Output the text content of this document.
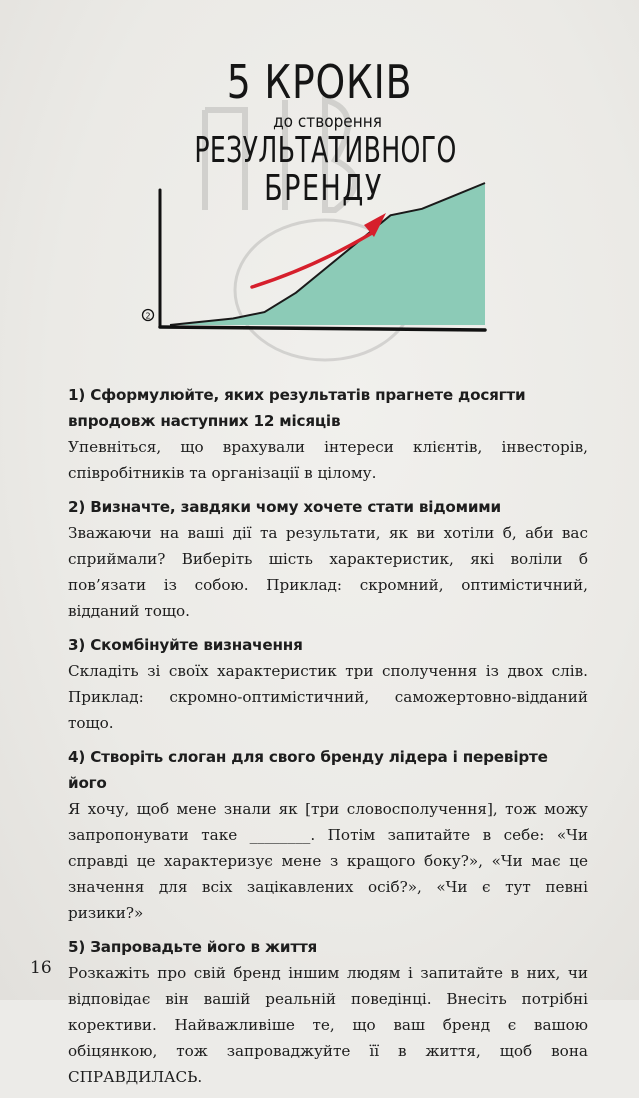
5 КРОКІВ
до створення
РЕЗУЛЬТАТИВНОГО
БРЕНДУ
2
1) Сформулюйте, яких результатів прагнете досягти впродовж наступних 12 місяців
Упевніться, що врахували інтереси клієнтів, інвесторів, співробітників та організації в цілому.
2) Визначте, завдяки чому хочете стати відомими
Зважаючи на ваші дії та результати, як ви хотіли б, аби вас сприймали? Виберіть шість характеристик, які воліли б пов’язати із собою. Приклад: скромний, оптимістичний, відданий тощо.
3) Скомбінуйте визначення
Складіть зі своїх характеристик три сполучення із двох слів. Приклад: скромно-оптимістичний, саможертовно-відданий тощо.
4) Створіть слоган для свого бренду лідера і перевірте його
Я хочу, щоб мене знали як [три словосполучення], тож можу запропонувати таке ________. Потім запитайте в себе: «Чи справді це характеризує мене з кращого боку?», «Чи має це значення для всіх зацікавлених осіб?», «Чи є тут певні ризики?»
5) Запровадьте його в життя
Розкажіть про свій бренд іншим людям і запитайте в них, чи відповідає він вашій реальній поведінці. Внесіть потрібні корективи. Найважливіше те, що ваш бренд є вашою обіцянкою, тож запроваджуйте її в життя, щоб вона СПРАВДИЛАСЬ.
16
